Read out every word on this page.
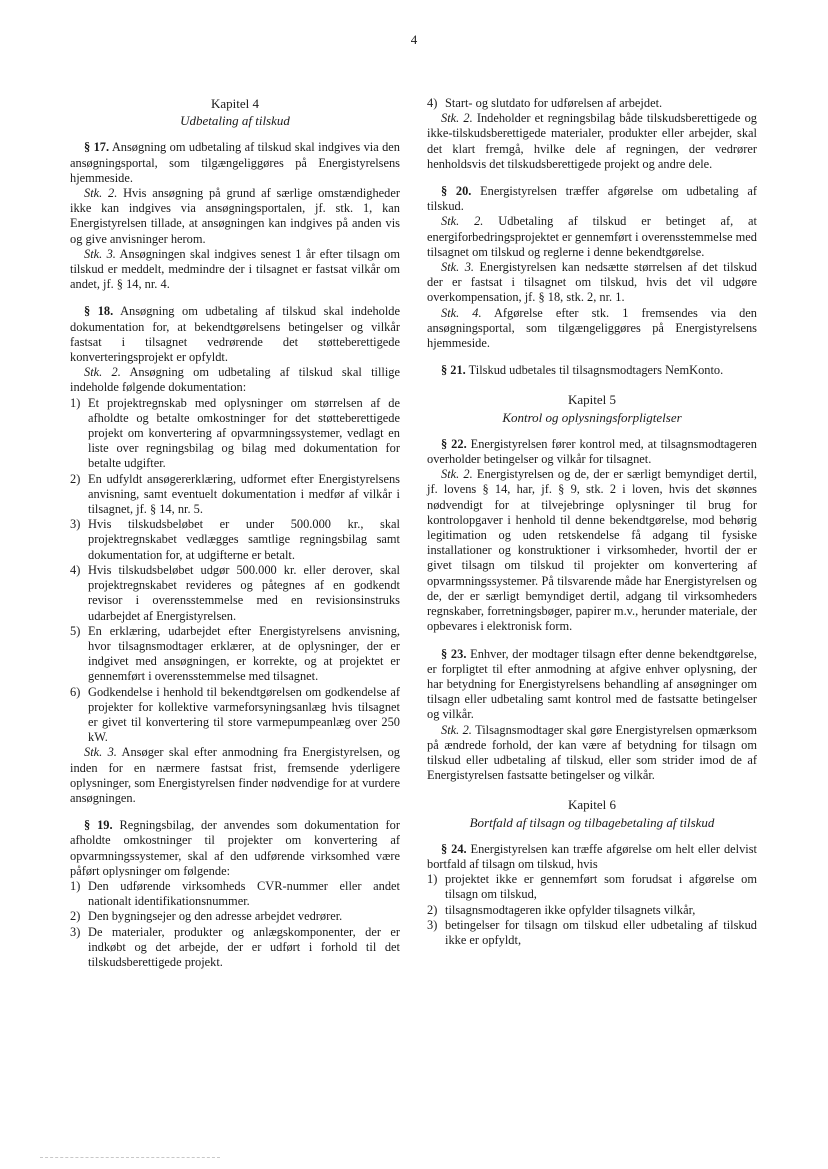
4

Kapitel 4

Udbetaling af tilskud

§ 17. Ansøgning om udbetaling af tilskud skal indgives via den ansøgningsportal, som tilgængeliggøres på Energistyrelsens hjemmeside.

Stk. 2. Hvis ansøgning på grund af særlige omstændigheder ikke kan indgives via ansøgningsportalen, jf. stk. 1, kan Energistyrelsen tillade, at ansøgningen kan indgives på anden vis og give anvisninger herom.

Stk. 3. Ansøgningen skal indgives senest 1 år efter tilsagn om tilskud er meddelt, medmindre der i tilsagnet er fastsat vilkår om andet, jf. § 14, nr. 4.

§ 18. Ansøgning om udbetaling af tilskud skal indeholde dokumentation for, at bekendtgørelsens betingelser og vilkår fastsat i tilsagnet vedrørende det støtteberettigede konverteringsprojekt er opfyldt.

Stk. 2. Ansøgning om udbetaling af tilskud skal tillige indeholde følgende dokumentation:

1) Et projektregnskab med oplysninger om størrelsen af de afholdte og betalte omkostninger for det støtteberettigede projekt om konvertering af opvarmningssystemer, vedlagt en liste over regningsbilag og bilag med dokumentation for betalte udgifter.
2) En udfyldt ansøgererklæring, udformet efter Energistyrelsens anvisning, samt eventuelt dokumentation i medfør af vilkår i tilsagnet, jf. § 14, nr. 5.
3) Hvis tilskudsbeløbet er under 500.000 kr., skal projektregnskabet vedlægges samtlige regningsbilag samt dokumentation for, at udgifterne er betalt.
4) Hvis tilskudsbeløbet udgør 500.000 kr. eller derover, skal projektregnskabet revideres og påtegnes af en godkendt revisor i overensstemmelse med en revisionsinstruks udarbejdet af Energistyrelsen.
5) En erklæring, udarbejdet efter Energistyrelsens anvisning, hvor tilsagnsmodtager erklærer, at de oplysninger, der er indgivet med ansøgningen, er korrekte, og at projektet er gennemført i overensstemmelse med tilsagnet.
6) Godkendelse i henhold til bekendtgørelsen om godkendelse af projekter for kollektive varmeforsyningsanlæg hvis tilsagnet er givet til konvertering til store varmepumpeanlæg over 250 kW.

Stk. 3. Ansøger skal efter anmodning fra Energistyrelsen, og inden for en nærmere fastsat frist, fremsende yderligere oplysninger, som Energistyrelsen finder nødvendige for at vurdere ansøgningen.

§ 19. Regningsbilag, der anvendes som dokumentation for afholdte omkostninger til projekter om konvertering af opvarmningssystemer, skal af den udførende virksomhed være påført oplysninger om følgende:

1) Den udførende virksomheds CVR-nummer eller andet nationalt identifikationsnummer.
2) Den bygningsejer og den adresse arbejdet vedrører.
3) De materialer, produkter og anlægskomponenter, der er indkøbt og det arbejde, der er udført i forhold til det tilskudsberettigede projekt.
4) Start- og slutdato for udførelsen af arbejdet.

Stk. 2. Indeholder et regningsbilag både tilskudsberettigede og ikke-tilskudsberettigede materialer, produkter eller arbejder, skal det klart fremgå, hvilke dele af regningen, der vedrører henholdsvis det tilskudsberettigede projekt og andre dele.

§ 20. Energistyrelsen træffer afgørelse om udbetaling af tilskud.

Stk. 2. Udbetaling af tilskud er betinget af, at energiforbedringsprojektet er gennemført i overensstemmelse med tilsagnet om tilskud og reglerne i denne bekendtgørelse.

Stk. 3. Energistyrelsen kan nedsætte størrelsen af det tilskud der er fastsat i tilsagnet om tilskud, hvis det vil udgøre overkompensation, jf. § 18, stk. 2, nr. 1.

Stk. 4. Afgørelse efter stk. 1 fremsendes via den ansøgningsportal, som tilgængeliggøres på Energistyrelsens hjemmeside.

§ 21. Tilskud udbetales til tilsagnsmodtagers NemKonto.

Kapitel 5

Kontrol og oplysningsforpligtelser

§ 22. Energistyrelsen fører kontrol med, at tilsagnsmodtageren overholder betingelser og vilkår for tilsagnet.

Stk. 2. Energistyrelsen og de, der er særligt bemyndiget dertil, jf. lovens § 14, har, jf. § 9, stk. 2 i loven, hvis det skønnes nødvendigt for at tilvejebringe oplysninger til brug for kontrolopgaver i henhold til denne bekendtgørelse, mod behørig legitimation og uden retskendelse få adgang til fysiske installationer og konstruktioner i virksomheder, hvortil der er givet tilsagn om tilskud til projekter om konvertering af opvarmningssystemer. På tilsvarende måde har Energistyrelsen og de, der er særligt bemyndiget dertil, adgang til virksomheders regnskaber, forretningsbøger, papirer m.v., herunder materiale, der opbevares i elektronisk form.

§ 23. Enhver, der modtager tilsagn efter denne bekendtgørelse, er forpligtet til efter anmodning at afgive enhver oplysning, der har betydning for Energistyrelsens behandling af ansøgninger om tilsagn eller udbetaling samt kontrol med de fastsatte betingelser og vilkår.

Stk. 2. Tilsagnsmodtager skal gøre Energistyrelsen opmærksom på ændrede forhold, der kan være af betydning for tilsagn om tilskud eller udbetaling af tilskud, eller som strider imod de af Energistyrelsen fastsatte betingelser og vilkår.

Kapitel 6

Bortfald af tilsagn og tilbagebetaling af tilskud

§ 24. Energistyrelsen kan træffe afgørelse om helt eller delvist bortfald af tilsagn om tilskud, hvis

1) projektet ikke er gennemført som forudsat i afgørelse om tilsagn om tilskud,
2) tilsagnsmodtageren ikke opfylder tilsagnets vilkår,
3) betingelser for tilsagn om tilskud eller udbetaling af tilskud ikke er opfyldt,
